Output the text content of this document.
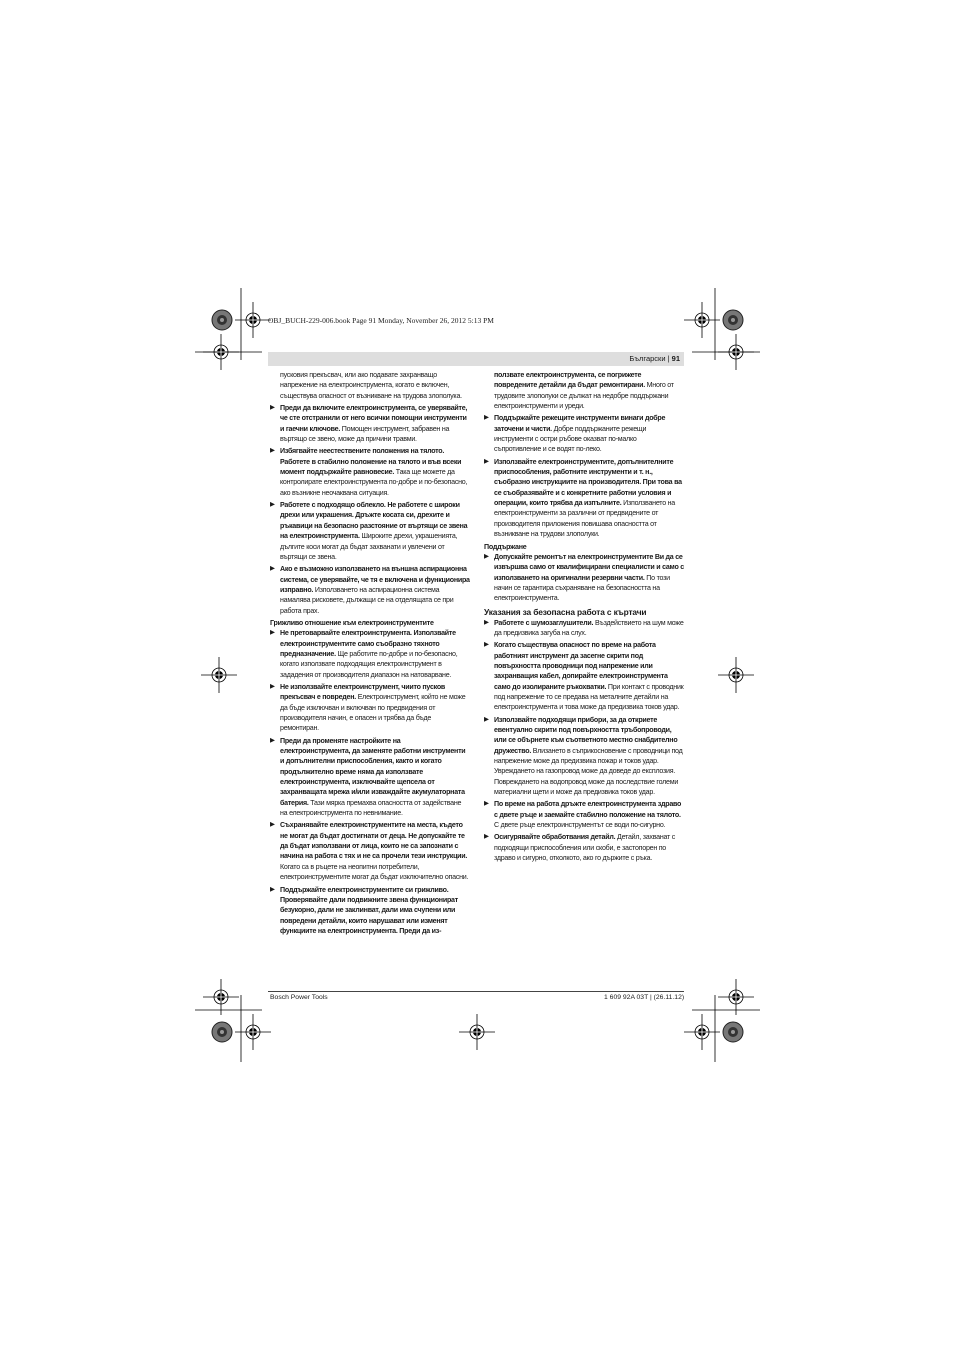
OBJ_BUCH-229-006.book Page 91 Monday, November 26, 2012 5:13 PM
Български | 91

пусковия прекъсвач, или ако подавате захранващо напрежение на електроинструмента, когато е включен, съществува опасност от възникване на трудова злополука.

▶ Преди да включите електроинструмента, се уверявайте, че сте отстранили от него всички помощни инструменти и гаечни ключове. Помощен инструмент, забравен на въртящо се звено, може да причини травми.

▶ Избягвайте неестествените положения на тялото. Работете в стабилно положение на тялото и във всеки момент поддържайте равновесие. Така ще можете да контролирате електроинструмента по-добре и по-безопасно, ако възникне неочаквана ситуация.

▶ Работете с подходящо облекло. Не работете с широки дрехи или украшения. Дръжте косата си, дрехите и ръкавици на безопасно разстояние от въртящи се звена на електроинструмента. Широките дрехи, украшенията, дългите коси могат да бъдат захванати и увлечени от въртящи се звена.

▶ Ако е възможно използването на външна аспирационна система, се уверявайте, че тя е включена и функционира изправно. Използването на аспирационна система намалява рисковете, дължащи се на отделящата се при работа прах.

Грижливо отношение към електроинструментите

▶ Не претоварвайте електроинструмента. Използвайте електроинструментите само съобразно тяхното предназначение. Ще работите по-добре и по-безопасно, когато използвате подходящия електроинструмент в зададения от производителя диапазон на натоварване.

▶ Не използвайте електроинструмент, чиито пусков прекъсвач е повреден. Електроинструмент, който не може да бъде изключван и включван по предвидения от производителя начин, е опасен и трябва да бъде ремонтиран.

▶ Преди да променяте настройките на електроинструмента, да заменяте работни инструменти и допълнителни приспособления, както и когато продължително време няма да използвате електроинструмента, изключвайте щепсела от захранващата мрежа и/или изваждайте акумулаторната батерия. Тази мярка премахва опасността от задействане на електроинструмента по невнимание.

▶ Съхранявайте електроинструментите на места, където не могат да бъдат достигнати от деца. Не допускайте те да бъдат използвани от лица, които не са запознати с начина на работа с тях и не са прочели тези инструкции. Когато са в ръцете на неопитни потребители, електроинструментите могат да бъдат изключително опасни.

▶ Поддържайте електроинструментите си грижливо. Проверявайте дали подвижните звена функционират безукорно, дали не заклинват, дали има счупени или повредени детайли, които нарушават или изменят функциите на електроинструмента. Преди да из-

ползвате електроинструмента, се погрижете повредените детайли да бъдат ремонтирани. Много от трудовите злополуки се дължат на недобре поддържани електроинструменти и уреди.

▶ Поддържайте режещите инструменти винаги добре заточени и чисти. Добре поддържаните режещи инструменти с остри ръбове оказват по-малко съпротивление и се водят по-леко.

▶ Използвайте електроинструментите, допълнителните приспособления, работните инструменти и т. н., съобразно инструкциите на производителя. При това ва се съобразявайте и с конкретните работни условия и операции, които трябва да изпълните. Използването на електроинструменти за различни от предвидените от производителя приложения повишава опасността от възникване на трудови злополуки.

Поддържане

▶ Допускайте ремонтът на електроинструментите Ви да се извършва само от квалифицирани специалисти и само с използването на оригинални резервни части. По този начин се гарантира съхраняване на безопасността на електроинструмента.

Указания за безопасна работа с къртачи

▶ Работете с шумозаглушители. Въздействието на шум може да предизвика загуба на слух.

▶ Когато съществува опасност по време на работа работният инструмент да засегне скрити под повърхността проводници под напрежение или захранващия кабел, допирайте електроинструмента само до изолираните ръкохватки. При контакт с проводник под напрежение то се предава на металните детайли на електроинструмента и това може да предизвика токов удар.

▶ Използвайте подходящи прибори, за да откриете евентуално скрити под повърхността тръбопроводи, или се обърнете към съответното местно снабдително дружество. Влизането в съприкосновение с проводници под напрежение може да предизвика пожар и токов удар. Увреждането на газопровод може да доведе до експлозия. Повреждането на водопровод може да последствие големи материални щети и може да предизвика токов удар.

▶ По време на работа дръжте електроинструмента здраво с двете ръце и заемайте стабилно положение на тялото. С двете ръце електроинструментът се води по-сигурно.

▶ Осигурявайте обработвания детайл. Детайл, захванат с подходящи приспособления или скоби, е застопорен по здраво и сигурно, отколкото, ако го държите с ръка.

Bosch Power Tools	1 609 92A 03T | (26.11.12)
